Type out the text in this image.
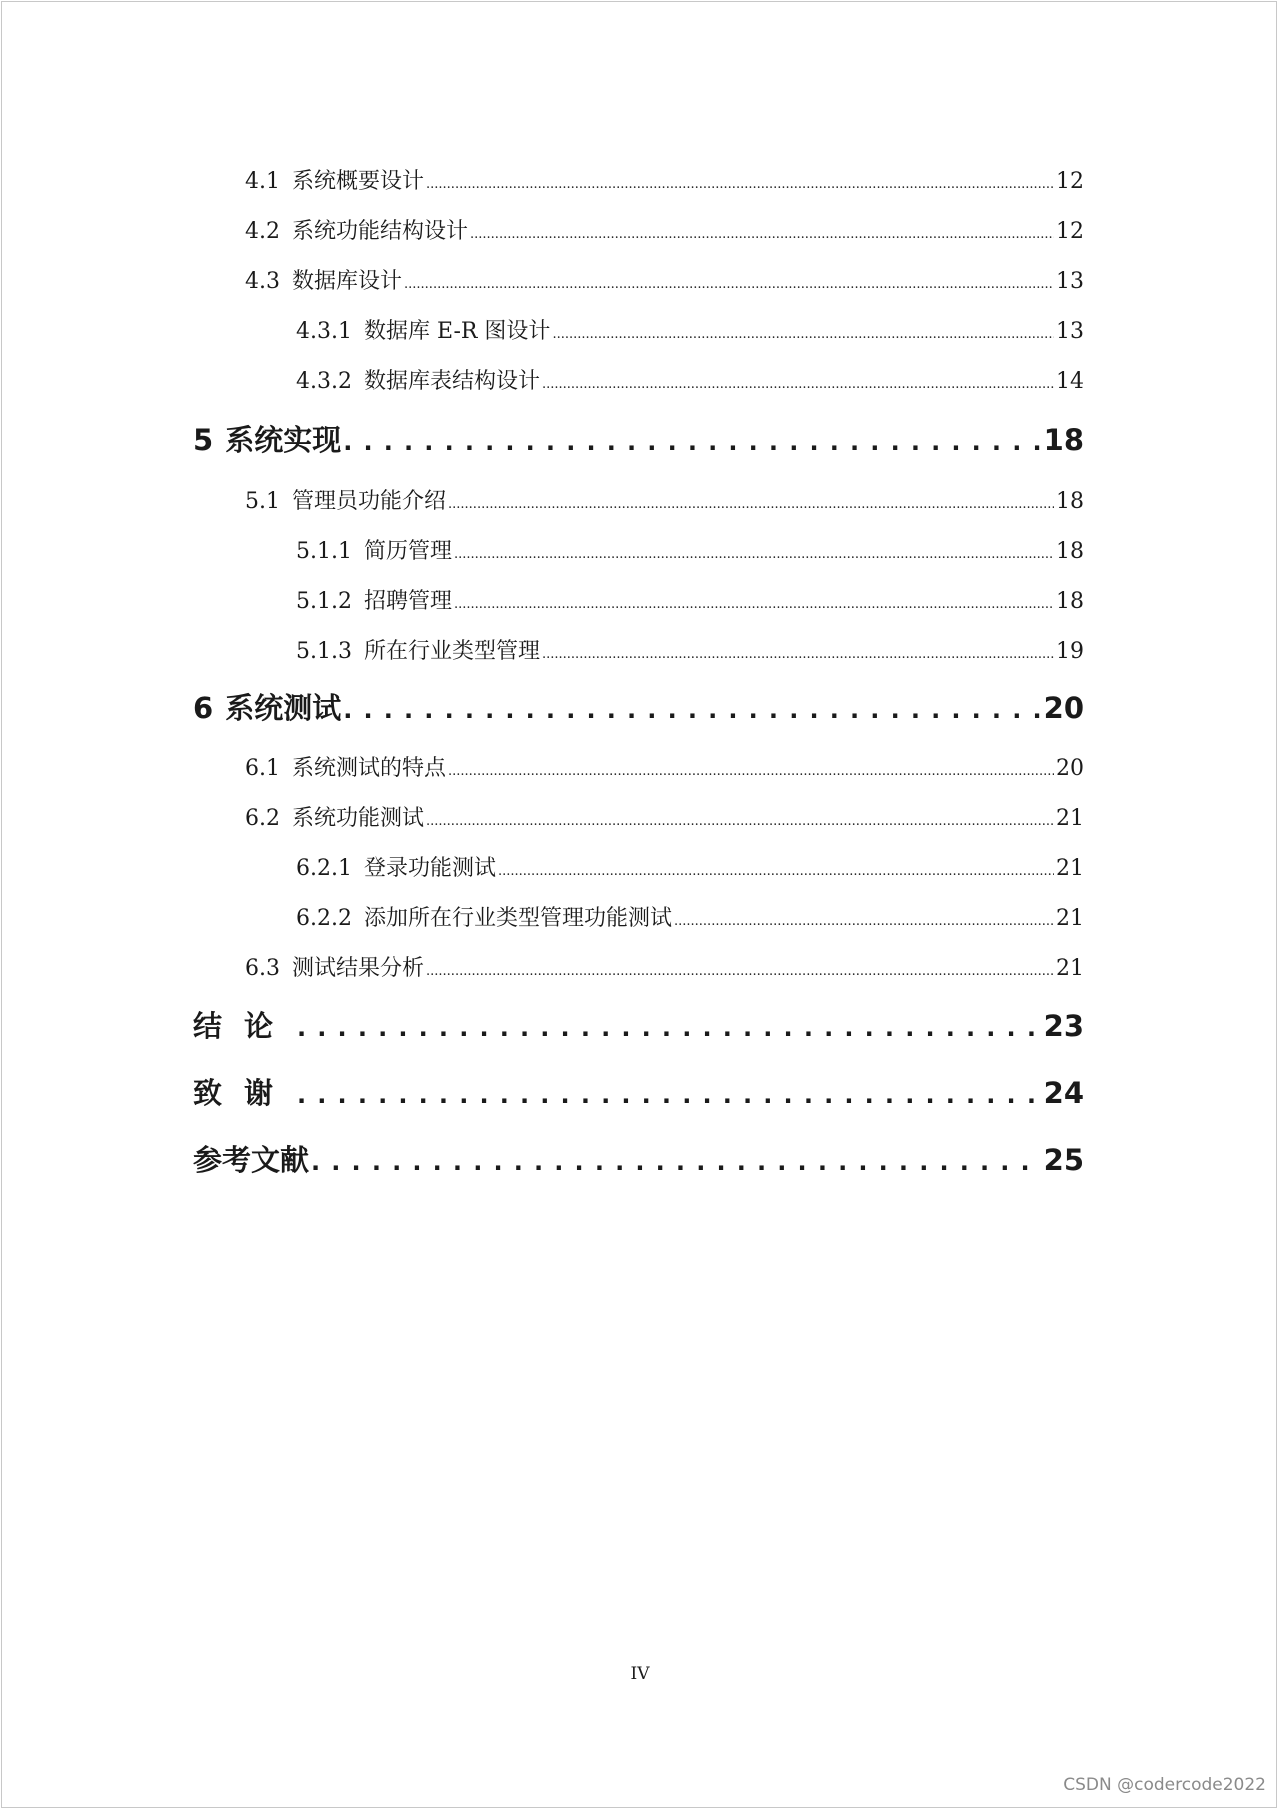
4.1 系统概要设计 .....	12
4.2 系统功能结构设计 .....	12
4.3 数据库设计 .....	13
4.3.1 数据库 E-R 图设计 .....	13
4.3.2 数据库表结构设计 .....	14
5 系统实现 . . .	18
5.1 管理员功能介绍 .....	18
5.1.1 简历管理 .....	18
5.1.2 招聘管理 .....	18
5.1.3 所在行业类型管理 .....	19
6 系统测试 . . .	20
6.1 系统测试的特点 .....	20
6.2 系统功能测试 .....	21
6.2.1 登录功能测试 .....	21
6.2.2 添加所在行业类型管理功能测试 .....	21
6.3 测试结果分析 .....	21
结论 . . .	23
致谢 . . .	24
参考文献 . . .	25
IV
CSDN @codercode2022
